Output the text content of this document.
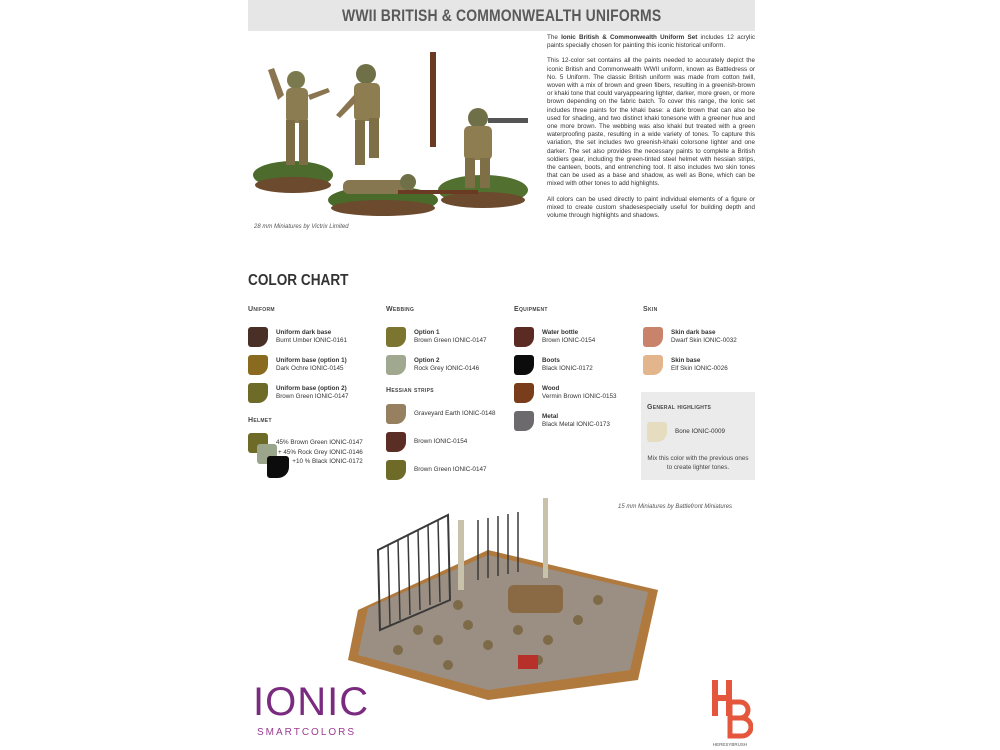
WWII BRITISH & COMMONWEALTH UNIFORMS
28 mm Miniatures by Victrix Limited

The Ionic British & Commonwealth Uniform Set includes 12 acrylic paints specially chosen for painting this iconic historical uniform.

This 12-color set contains all the paints needed to accurately depict the iconic British and Commonwealth WWII uniform, known as Battledress or No. 5 Uniform. The classic British uniform was made from cotton twill, woven with a mix of brown and green fibers, resulting in a greenish-brown or khaki tone that could varyappearing lighter, darker, more green, or more brown depending on the fabric batch. To cover this range, the Ionic set includes three paints for the khaki base: a dark brown that can also be used for shading, and two distinct khaki tonesone with a greener hue and one more brown. The webbing was also khaki but treated with a green waterproofing paste, resulting in a wide variety of tones. To capture this variation, the set includes two greenish-khaki colorsone lighter and one darker. The set also provides the necessary paints to complete a British soldiers gear, including the green-tinted steel helmet with hessian strips, the canteen, boots, and entrenching tool. It also includes two skin tones that can be used as a base and shadow, as well as Bone, which can be mixed with other tones to add highlights.

All colors can be used directly to paint individual elements of a figure or mixed to create custom shadesespecially useful for building depth and volume through highlights and shadows.

COLOR CHART
Uniform
Uniform dark base
Burnt Umber IONIC-0161
Uniform base (option 1)
Dark Ochre IONIC-0145
Uniform base (option 2)
Brown Green IONIC-0147
Helmet
45% Brown Green IONIC-0147
+ 45% Rock Grey IONIC-0146
+10 % Black IONIC-0172
Webbing
Option 1
Brown Green IONIC-0147
Option 2
Rock Grey IONIC-0146
Hessian strips
Graveyard Earth IONIC-0148
Brown IONIC-0154
Brown Green IONIC-0147
Equipment
Water bottle
Brown IONIC-0154
Boots
Black IONIC-0172
Wood
Vermin Brown IONIC-0153
Metal
Black Metal IONIC-0173
Skin
Skin dark base
Dwarf Skin IONIC-0032
Skin base
Elf Skin IONIC-0026
General highlights
Bone IONIC-0009
Mix this color with the previous ones
to create lighter tones.
15 mm Miniatures by Battlefront Miniatures
IONIC
SMARTCOLORS
HERESYBRUSH
